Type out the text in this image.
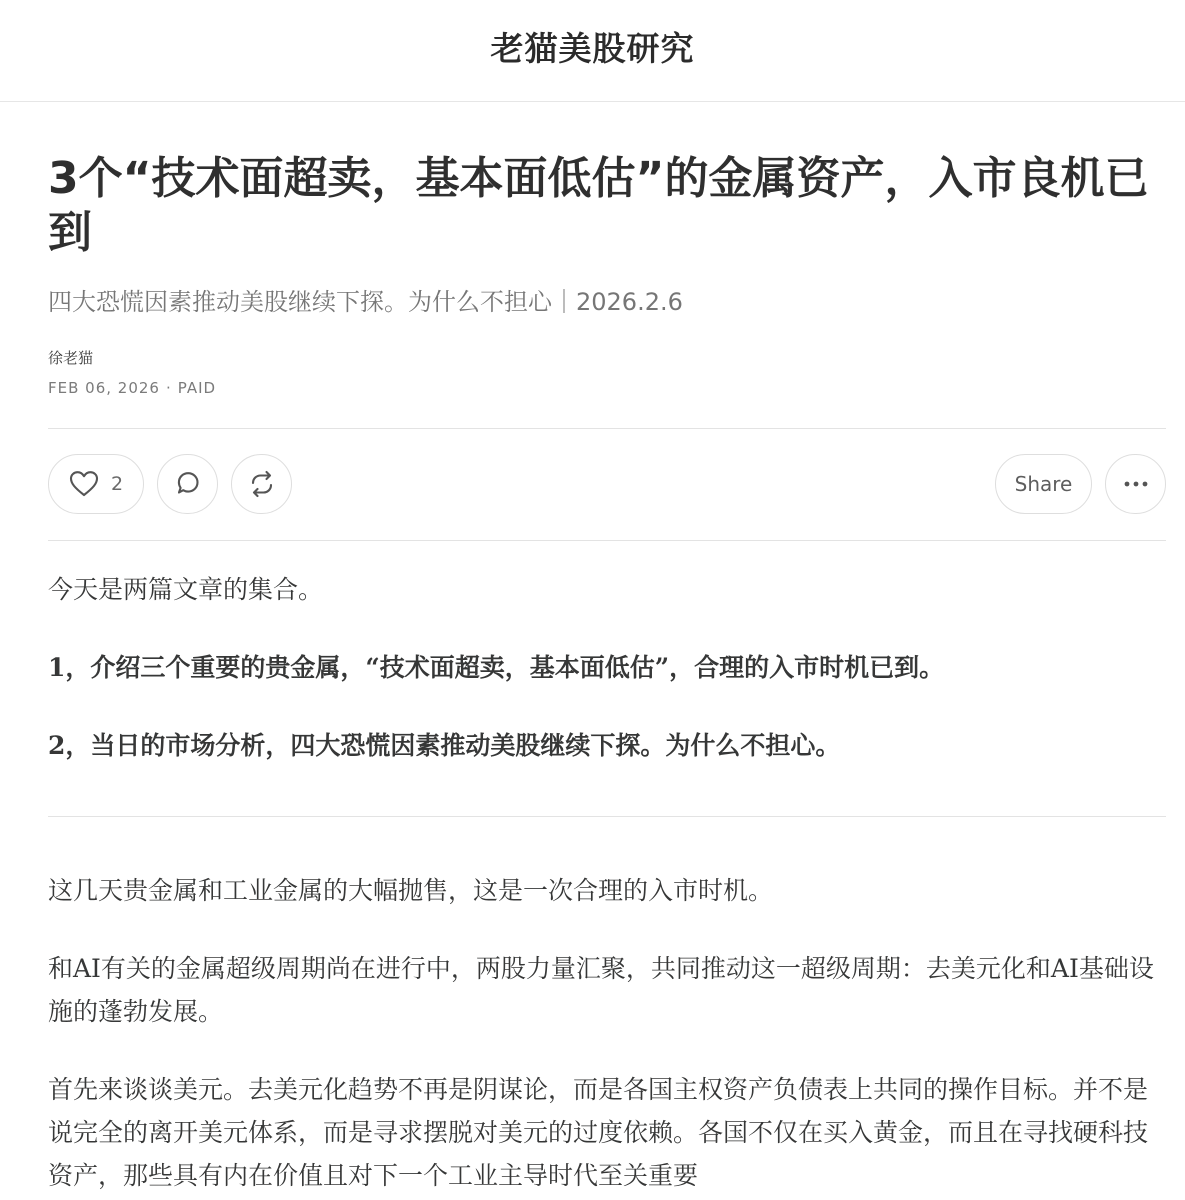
老猫美股研究
3个“技术面超卖，基本面低估”的金属资产，入市良机已到
四大恐慌因素推动美股继续下探。为什么不担心｜2026.2.6
徐老猫
FEB 06, 2026 · PAID
2	Share

今天是两篇文章的集合。

1，介绍三个重要的贵金属，“技术面超卖，基本面低估”，合理的入市时机已到。

2，当日的市场分析，四大恐慌因素推动美股继续下探。为什么不担心。

这几天贵金属和工业金属的大幅抛售，这是一次合理的入市时机。

和AI有关的金属超级周期尚在进行中，两股力量汇聚，共同推动这一超级周期：去美元化和AI基础设施的蓬勃发展。

首先来谈谈美元。去美元化趋势不再是阴谋论，而是各国主权资产负债表上共同的操作目标。并不是说完全的离开美元体系，而是寻求摆脱对美元的过度依赖。各国不仅在买入黄金，而且在寻找硬科技资产，那些具有内在价值且对下一个工业主导时代至关重要
